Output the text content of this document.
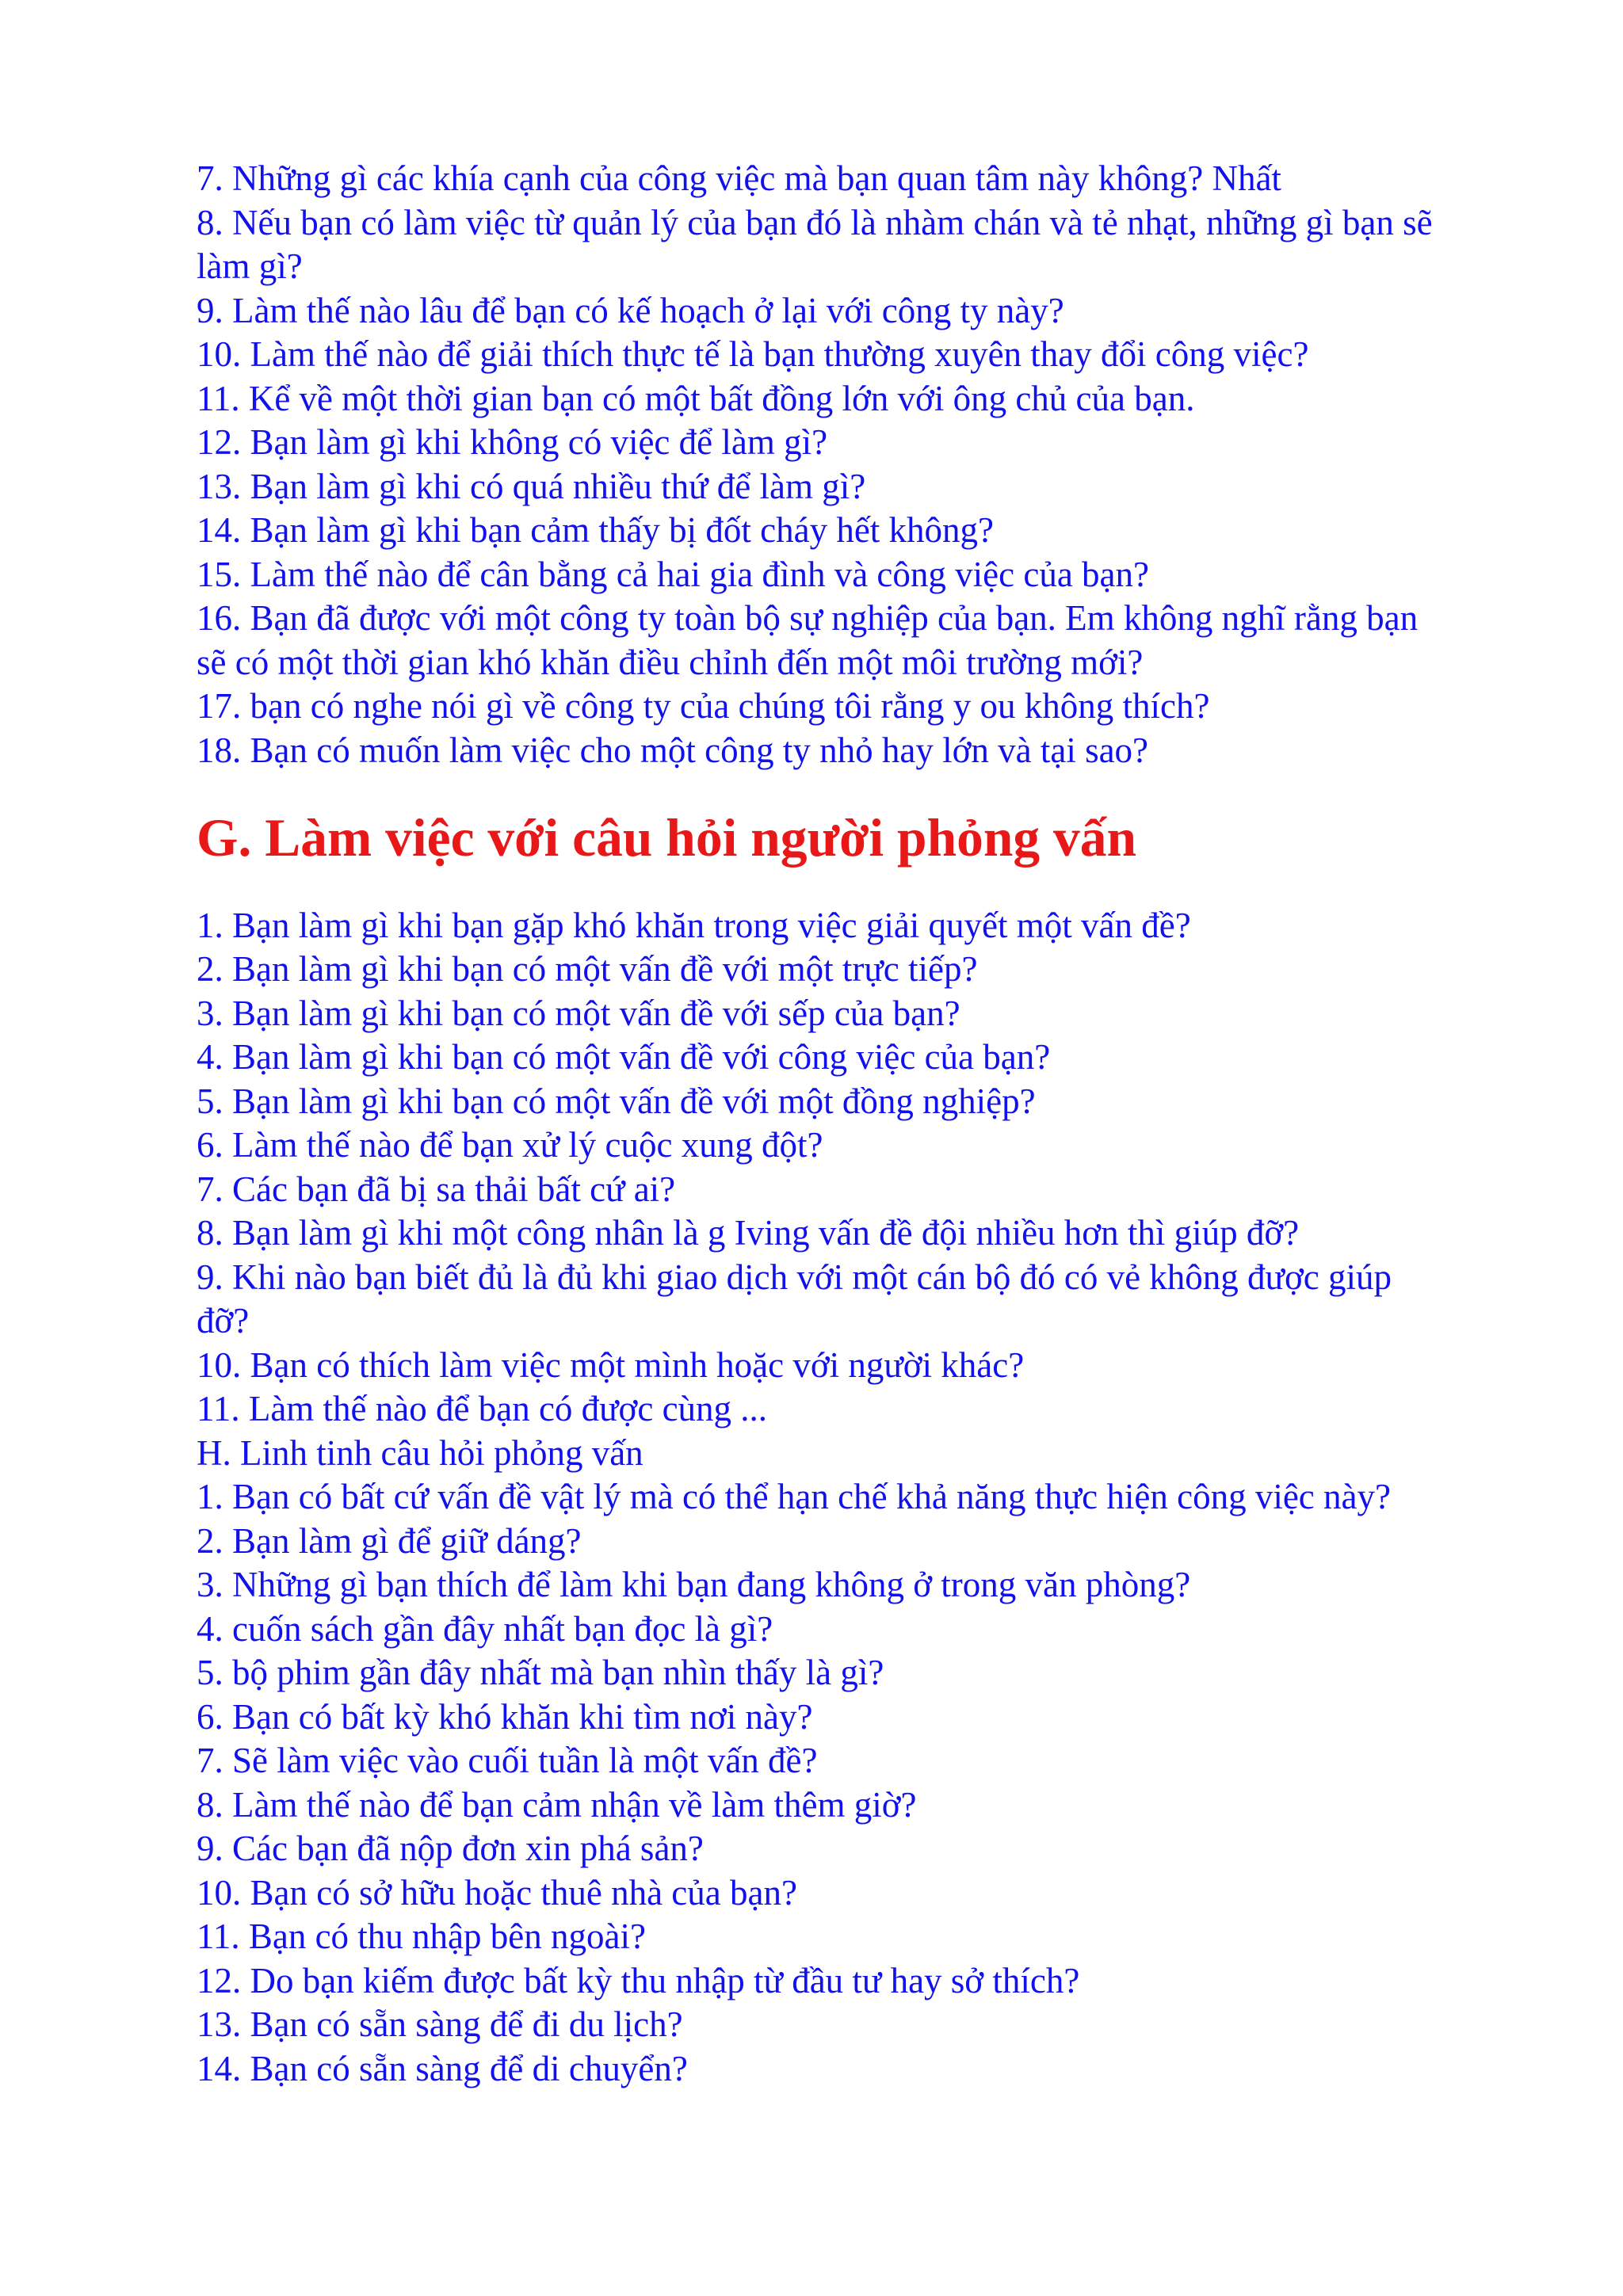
7. Những gì các khía cạnh của công việc mà bạn quan tâm này không? Nhất

8. Nếu bạn có làm việc từ quản lý của bạn đó là nhàm chán và tẻ nhạt, những gì bạn sẽ làm gì?

9. Làm thế nào lâu để bạn có kế hoạch ở lại với công ty này?

10. Làm thế nào để giải thích thực tế là bạn thường xuyên thay đổi công việc?

11. Kể về một thời gian bạn có một bất đồng lớn với ông chủ của bạn.

12. Bạn làm gì khi không có việc để làm gì?

13. Bạn làm gì khi có quá nhiều thứ để làm gì?

14. Bạn làm gì khi bạn cảm thấy bị đốt cháy hết không?

15. Làm thế nào để cân bằng cả hai gia đình và công việc của bạn?

16. Bạn đã được với một công ty toàn bộ sự nghiệp của bạn. Em không nghĩ rằng bạn sẽ có một thời gian khó khăn điều chỉnh đến một môi trường mới?

17. bạn có nghe nói gì về công ty của chúng tôi rằng y ou không thích?

18. Bạn có muốn làm việc cho một công ty nhỏ hay lớn và tại sao?

G. Làm việc với câu hỏi người phỏng vấn

1. Bạn làm gì khi bạn gặp khó khăn trong việc giải quyết một vấn đề?

2. Bạn làm gì khi bạn có một vấn đề với một trực tiếp?

3. Bạn làm gì khi bạn có một vấn đề với sếp của bạn?

4. Bạn làm gì khi bạn có một vấn đề với công việc của bạn?

5. Bạn làm gì khi bạn có một vấn đề với một đồng nghiệp?

6. Làm thế nào để bạn xử lý cuộc xung đột?

7. Các bạn đã bị sa thải bất cứ ai?

8. Bạn làm gì khi một công nhân là g Iving vấn đề đội nhiều hơn thì giúp đỡ?

9. Khi nào bạn biết đủ là đủ khi giao dịch với một cán bộ đó có vẻ không được giúp đỡ?

10. Bạn có thích làm việc một mình hoặc với người khác?

11. Làm thế nào để bạn có được cùng ...

H. Linh tinh câu hỏi phỏng vấn

1. Bạn có bất cứ vấn đề vật lý mà có thể hạn chế khả năng thực hiện công việc này?

2. Bạn làm gì để giữ dáng?

3. Những gì bạn thích để làm khi bạn đang không ở trong văn phòng?

4. cuốn sách gần đây nhất bạn đọc là gì?

5. bộ phim gần đây nhất mà bạn nhìn thấy là gì?

6. Bạn có bất kỳ khó khăn khi tìm nơi này?

7. Sẽ làm việc vào cuối tuần là một vấn đề?

8. Làm thế nào để bạn cảm nhận về làm thêm giờ?

9. Các bạn đã nộp đơn xin phá sản?

10. Bạn có sở hữu hoặc thuê nhà của bạn?

11. Bạn có thu nhập bên ngoài?

12. Do bạn kiếm được bất kỳ thu nhập từ đầu tư hay sở thích?

13. Bạn có sẵn sàng để đi du lịch?

14. Bạn có sẵn sàng để di chuyển?
